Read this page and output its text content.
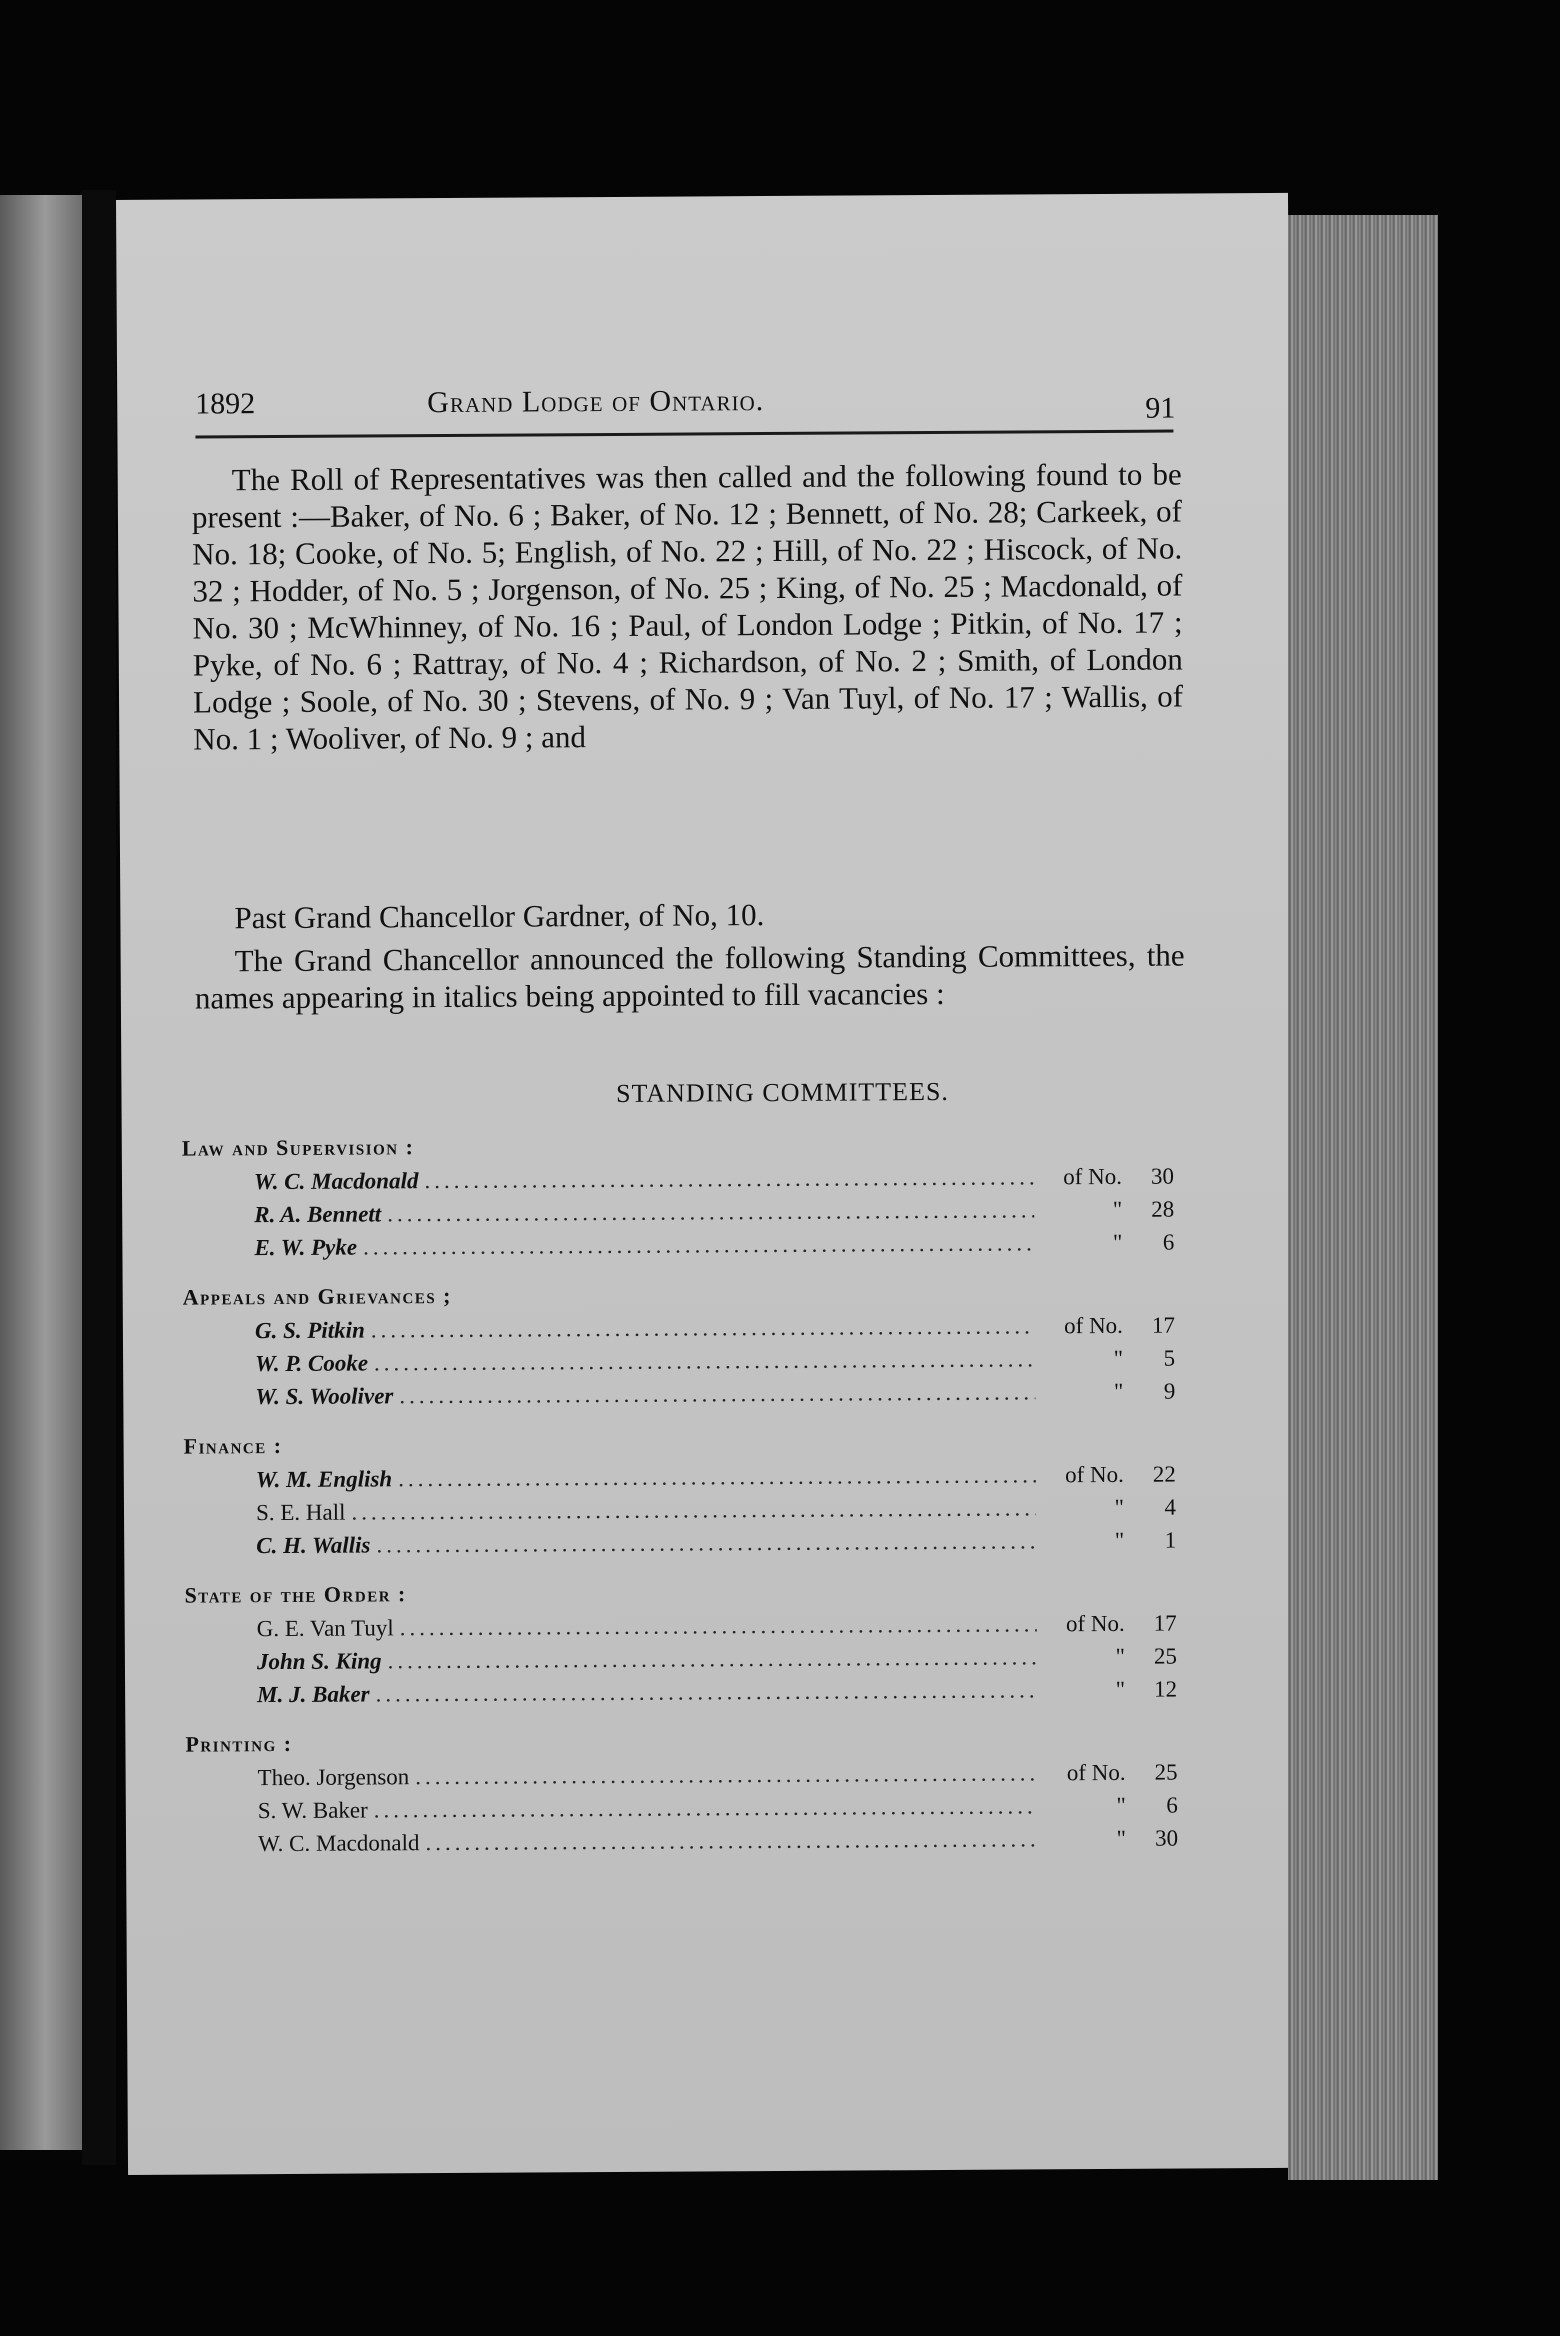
1892	Grand Lodge of Ontario.	91

The Roll of Representatives was then called and the following found to be present :—Baker, of No. 6 ; Baker, of No. 12 ; Bennett, of No. 28; Carkeek, of No. 18; Cooke, of No. 5; English, of No. 22 ; Hill, of No. 22 ; Hiscock, of No. 32 ; Hodder, of No. 5 ; Jorgenson, of No. 25 ; King, of No. 25 ; Macdonald, of No. 30 ; McWhinney, of No. 16 ; Paul, of London Lodge ; Pitkin, of No. 17 ; Pyke, of No. 6 ; Rattray, of No. 4 ; Richardson, of No. 2 ; Smith, of London Lodge ; Soole, of No. 30 ; Stevens, of No. 9 ; Van Tuyl, of No. 17 ; Wallis, of No. 1 ; Wooliver, of No. 9 ; and

Past Grand Chancellor Gardner, of No, 10.

The Grand Chancellor announced the following Standing Committees, the names appearing in italics being appointed to fill vacancies :

STANDING COMMITTEES.

Law and Supervision :

W. C. Macdonald .....	of No.	30
R. A. Bennett .....	"	28
E. W. Pyke .....	"	6

Appeals and Grievances ;

G. S. Pitkin .....	of No.	17
W. P. Cooke .....	"	5
W. S. Wooliver .....	"	9

Finance :

W. M. English .....	of No.	22
S. E. Hall .....	"	4
C. H. Wallis .....	"	1

State of the Order :

G. E. Van Tuyl .....	of No.	17
John S. King .....	"	25
M. J. Baker .....	"	12

Printing :

Theo. Jorgenson .....	of No.	25
S. W. Baker .....	"	6
W. C. Macdonald .....	"	30
